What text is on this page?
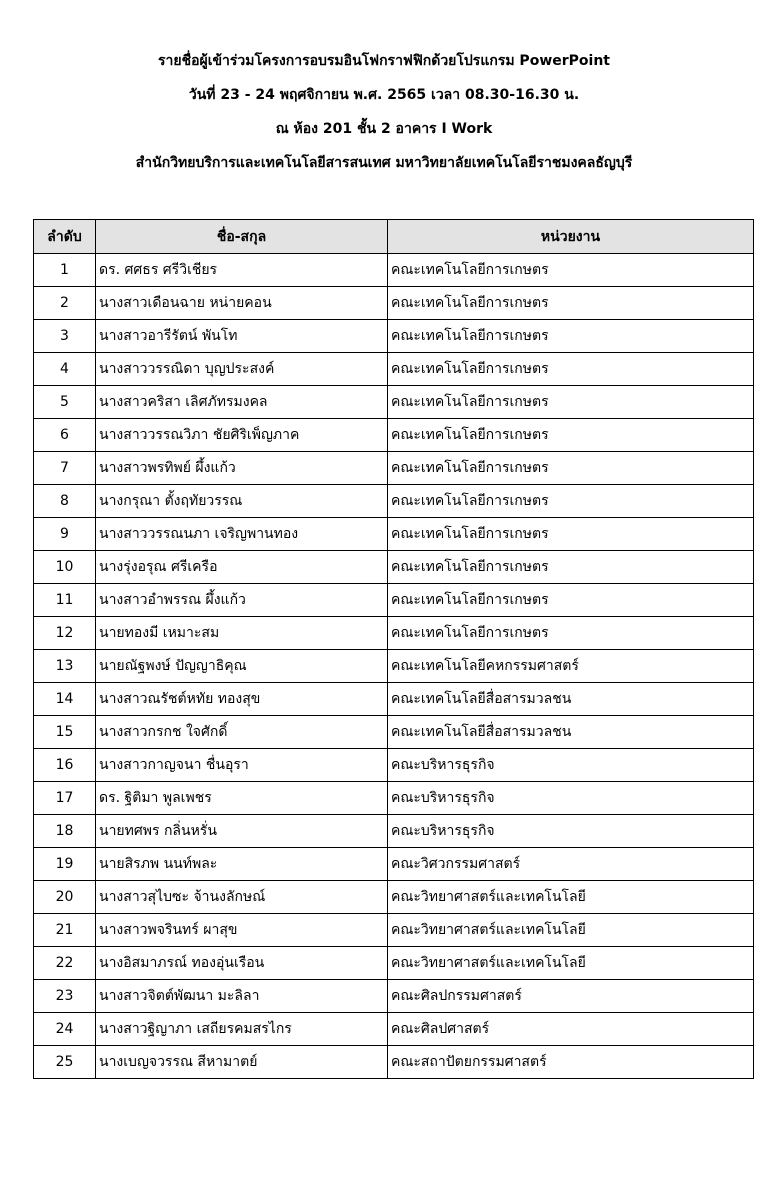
รายชื่อผู้เข้าร่วมโครงการอบรมอินโฟกราฟฟิกด้วยโปรแกรม PowerPoint
วันที่ 23 - 24 พฤศจิกายน พ.ศ. 2565 เวลา 08.30-16.30 น.
ณ ห้อง 201 ชั้น 2 อาคาร I Work
สำนักวิทยบริการและเทคโนโลยีสารสนเทศ มหาวิทยาลัยเทคโนโลยีราชมงคลธัญบุรี
ลำดับ	ชื่อ-สกุล	หน่วยงาน
1	ดร. ศศธร ศรีวิเชียร	คณะเทคโนโลยีการเกษตร
2	นางสาวเดือนฉาย หน่ายคอน	คณะเทคโนโลยีการเกษตร
3	นางสาวอารีรัตน์ พันโท	คณะเทคโนโลยีการเกษตร
4	นางสาววรรณิดา บุญประสงค์	คณะเทคโนโลยีการเกษตร
5	นางสาวคริสา เลิศภัทรมงคล	คณะเทคโนโลยีการเกษตร
6	นางสาววรรณวิภา ชัยศิริเพ็ญภาค	คณะเทคโนโลยีการเกษตร
7	นางสาวพรทิพย์ ผึ้งแก้ว	คณะเทคโนโลยีการเกษตร
8	นางกรุณา ตั้งฤทัยวรรณ	คณะเทคโนโลยีการเกษตร
9	นางสาววรรณนภา เจริญพานทอง	คณะเทคโนโลยีการเกษตร
10	นางรุ่งอรุณ ศรีเครือ	คณะเทคโนโลยีการเกษตร
11	นางสาวอำพรรณ ผึ้งแก้ว	คณะเทคโนโลยีการเกษตร
12	นายทองมี เหมาะสม	คณะเทคโนโลยีการเกษตร
13	นายณัฐพงษ์ ปัญญาธิคุณ	คณะเทคโนโลยีคหกรรมศาสตร์
14	นางสาวณรัชต์หทัย ทองสุข	คณะเทคโนโลยีสื่อสารมวลชน
15	นางสาวกรกช ใจศักดิ์	คณะเทคโนโลยีสื่อสารมวลชน
16	นางสาวกาญจนา ชื่นอุรา	คณะบริหารธุรกิจ
17	ดร. ฐิติมา พูลเพชร	คณะบริหารธุรกิจ
18	นายทศพร กลิ่นหรั่น	คณะบริหารธุรกิจ
19	นายสิรภพ นนท์พละ	คณะวิศวกรรมศาสตร์
20	นางสาวสุไบซะ จ้านงลักษณ์	คณะวิทยาศาสตร์และเทคโนโลยี
21	นางสาวพจรินทร์ ผาสุข	คณะวิทยาศาสตร์และเทคโนโลยี
22	นางอิสมาภรณ์ ทองอุ่นเรือน	คณะวิทยาศาสตร์และเทคโนโลยี
23	นางสาวจิตต์พัฒนา มะลิลา	คณะศิลปกรรมศาสตร์
24	นางสาวฐิญาภา เสถียรคมสรไกร	คณะศิลปศาสตร์
25	นางเบญจวรรณ สีหามาตย์	คณะสถาปัตยกรรมศาสตร์
